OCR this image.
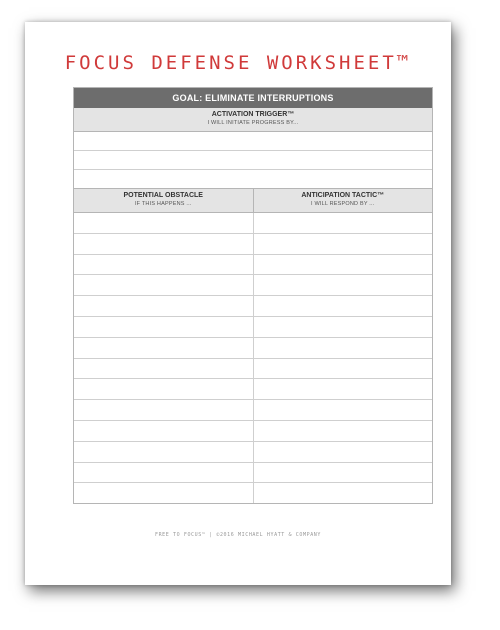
FOCUS DEFENSE WORKSHEET™
GOAL: ELIMINATE INTERRUPTIONS
ACTIVATION TRIGGER™
I WILL INITIATE PROGRESS BY...
POTENTIAL OBSTACLE
IF THIS HAPPENS ...
ANTICIPATION TACTIC™
I WILL RESPOND BY ...
FREE TO FOCUS™ | ©2016 MICHAEL HYATT & COMPANY
